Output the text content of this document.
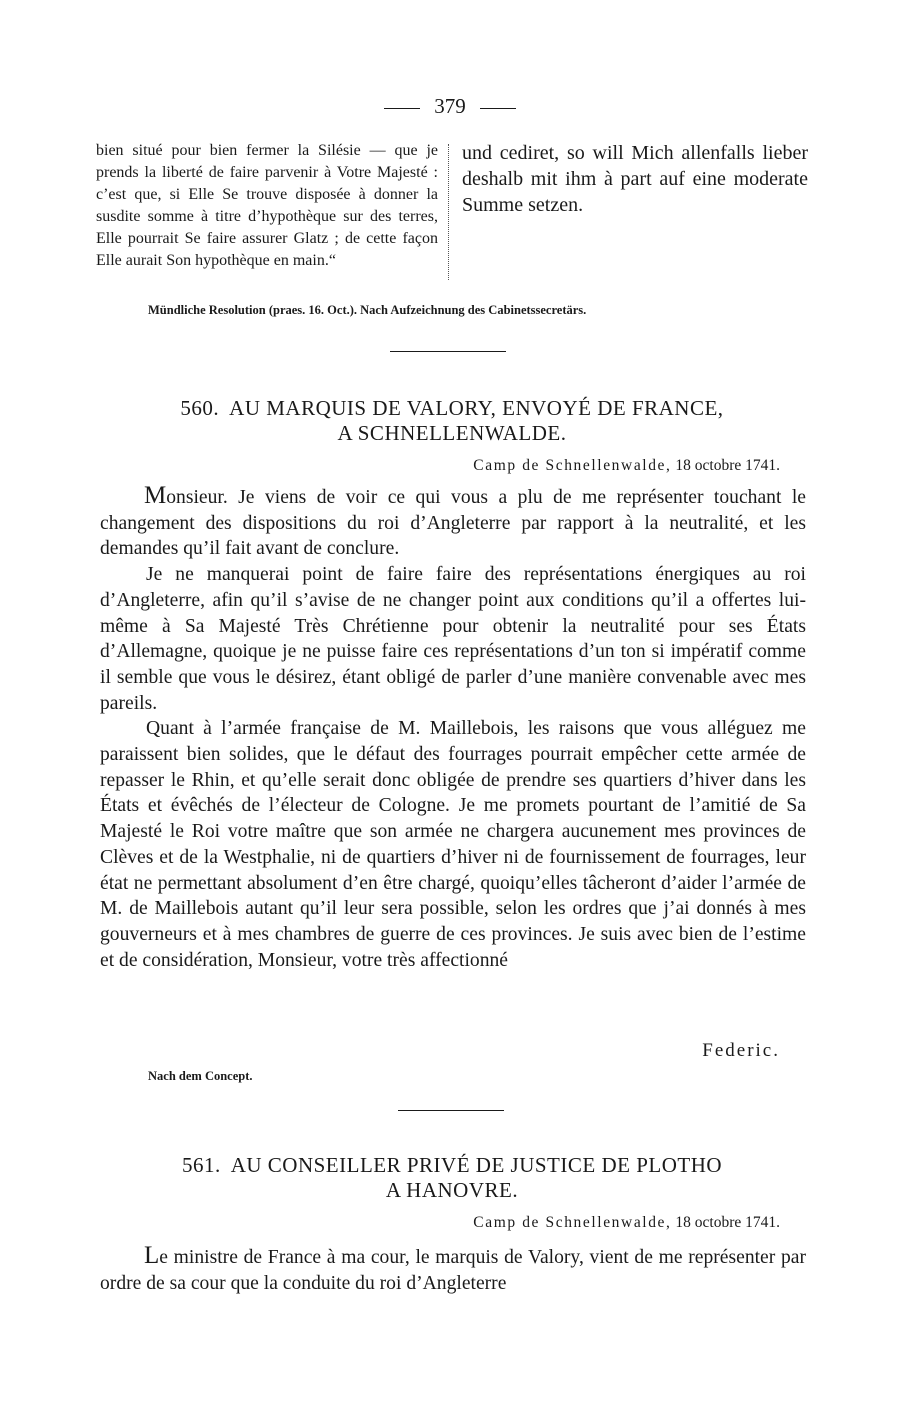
379
bien situé pour bien fermer la Silésie — que je prends la liberté de faire parvenir à Votre Majesté : c’est que, si Elle Se trouve disposée à donner la susdite somme à titre d’hypothèque sur des terres, Elle pourrait Se faire assurer Glatz ; de cette façon Elle aurait Son hypothèque en main.“
und cediret, so will Mich allenfalls lieber deshalb mit ihm à part auf eine moderate Summe setzen.
Mündliche Resolution (praes. 16. Oct.). Nach Aufzeichnung des Cabinetssecretärs.
560. AU MARQUIS DE VALORY, ENVOYÉ DE FRANCE,
A SCHNELLENWALDE.
Camp de Schnellenwalde, 18 octobre 1741.

Monsieur. Je viens de voir ce qui vous a plu de me représenter touchant le changement des dispositions du roi d’Angleterre par rapport à la neutralité, et les demandes qu’il fait avant de conclure.

Je ne manquerai point de faire faire des représentations énergiques au roi d’Angleterre, afin qu’il s’avise de ne changer point aux conditions qu’il a offertes lui-même à Sa Majesté Très Chrétienne pour obtenir la neutralité pour ses États d’Allemagne, quoique je ne puisse faire ces représentations d’un ton si impératif comme il semble que vous le désirez, étant obligé de parler d’une manière convenable avec mes pareils.

Quant à l’armée française de M. Maillebois, les raisons que vous alléguez me paraissent bien solides, que le défaut des fourrages pourrait empêcher cette armée de repasser le Rhin, et qu’elle serait donc obligée de prendre ses quartiers d’hiver dans les États et évêchés de l’électeur de Cologne. Je me promets pourtant de l’amitié de Sa Majesté le Roi votre maître que son armée ne chargera aucunement mes provinces de Clèves et de la Westphalie, ni de quartiers d’hiver ni de fournissement de fourrages, leur état ne permettant absolument d’en être chargé, quoiqu’elles tâcheront d’aider l’armée de M. de Maillebois autant qu’il leur sera possible, selon les ordres que j’ai donnés à mes gouverneurs et à mes chambres de guerre de ces provinces. Je suis avec bien de l’estime et de considération, Monsieur, votre très affectionné

Federic.
Nach dem Concept.
561. AU CONSEILLER PRIVÉ DE JUSTICE DE PLOTHO
A HANOVRE.
Camp de Schnellenwalde, 18 octobre 1741.

Le ministre de France à ma cour, le marquis de Valory, vient de me représenter par ordre de sa cour que la conduite du roi d’Angleterre
